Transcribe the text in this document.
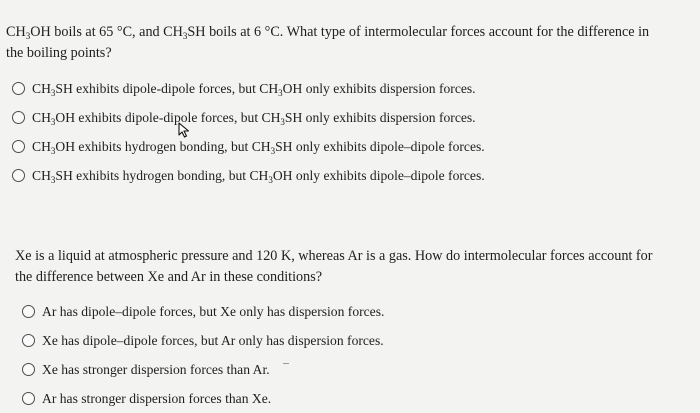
$CH_3OH$ boils at 65 °C, and $CH_3SH$ boils at 6 °C. What type of intermolecular forces account for the difference in the boiling points?

$CH_3SH$ exhibits dipole-dipole forces, but $CH_3OH$ only exhibits dispersion forces.
$CH_3OH$ exhibits dipole-dipole forces, but $CH_3SH$ only exhibits dispersion forces.
$CH_3OH$ exhibits hydrogen bonding, but $CH_3SH$ only exhibits dipole–dipole forces.
$CH_3SH$ exhibits hydrogen bonding, but $CH_3OH$ only exhibits dipole–dipole forces.

Xe is a liquid at atmospheric pressure and 120 K, whereas Ar is a gas. How do intermolecular forces account for the difference between Xe and Ar in these conditions?

Ar has dipole–dipole forces, but Xe only has dispersion forces.
Xe has dipole–dipole forces, but Ar only has dispersion forces.
Xe has stronger dispersion forces than Ar.
Ar has stronger dispersion forces than Xe.
